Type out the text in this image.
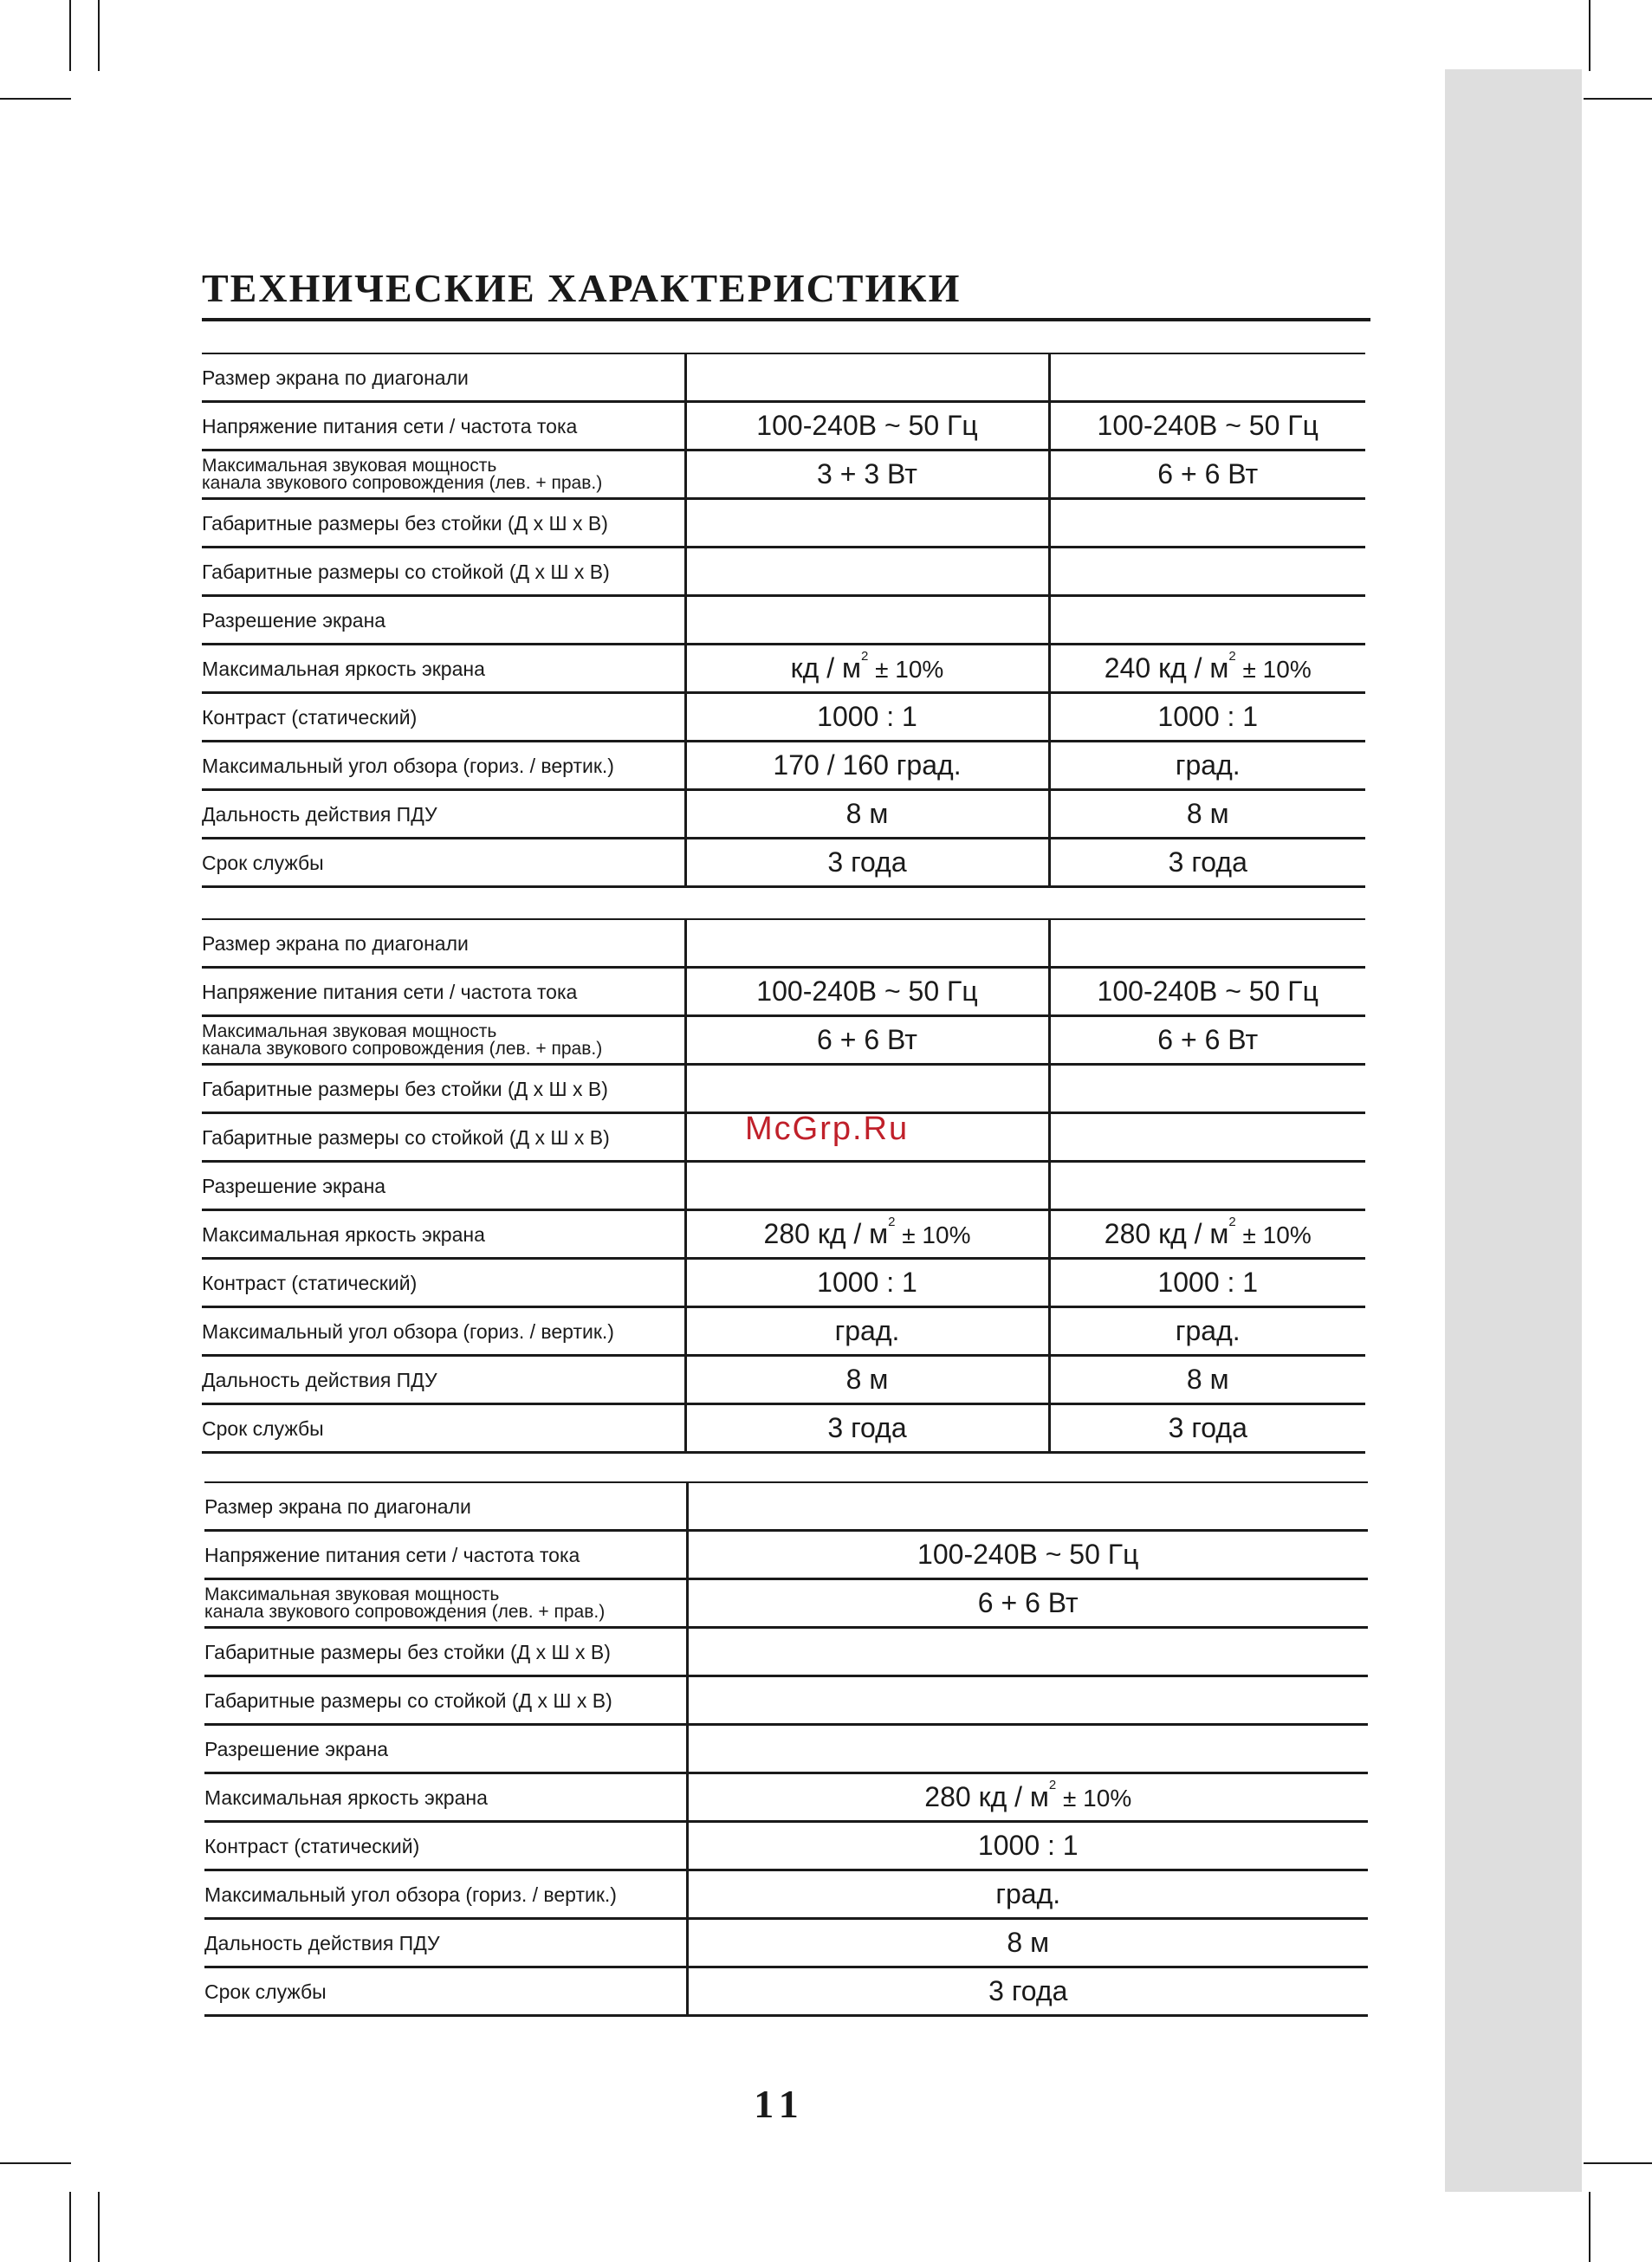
ТЕХНИЧЕСКИЕ ХАРАКТЕРИСТИКИ
Размер экрана по диагонали		
Напряжение питания сети / частота тока	100-240В ~ 50 Гц	100-240В ~ 50 Гц
Максимальная звуковая мощность
канала звукового сопровождения (лев. + прав.)	3 + 3 Вт	6 + 6 Вт
Габаритные размеры без стойки (Д х Ш х В)		
Габаритные размеры со стойкой (Д х Ш х В)		
Разрешение экрана		
Максимальная яркость экрана	кд / $м^2 \pm 10\%$	240 кд / $м^2 \pm 10\%$
Контраст (статический)	1000 : 1	1000 : 1
Максимальный угол обзора (гориз. / вертик.)	170 / 160 град.	град.
Дальность действия ПДУ	8 м	8 м
Срок службы	3 года	3 года
Размер экрана по диагонали		
Напряжение питания сети / частота тока	100-240В ~ 50 Гц	100-240В ~ 50 Гц
Максимальная звуковая мощность
канала звукового сопровождения (лев. + прав.)	6 + 6 Вт	6 + 6 Вт
Габаритные размеры без стойки (Д х Ш х В)		
Габаритные размеры со стойкой (Д х Ш х В)		
Разрешение экрана		
Максимальная яркость экрана	280 кд / $м^2 \pm 10\%$	280 кд / $м^2 \pm 10\%$
Контраст (статический)	1000 : 1	1000 : 1
Максимальный угол обзора (гориз. / вертик.)	град.	град.
Дальность действия ПДУ	8 м	8 м
Срок службы	3 года	3 года
Размер экрана по диагонали	
Напряжение питания сети / частота тока	100-240В ~ 50 Гц
Максимальная звуковая мощность
канала звукового сопровождения (лев. + прав.)	6 + 6 Вт
Габаритные размеры без стойки (Д х Ш х В)	
Габаритные размеры со стойкой (Д х Ш х В)	
Разрешение экрана	
Максимальная яркость экрана	280 кд / $м^2 \pm 10\%$
Контраст (статический)	1000 : 1
Максимальный угол обзора (гориз. / вертик.)	град.
Дальность действия ПДУ	8 м
Срок службы	3 года
McGrp.Ru
11
